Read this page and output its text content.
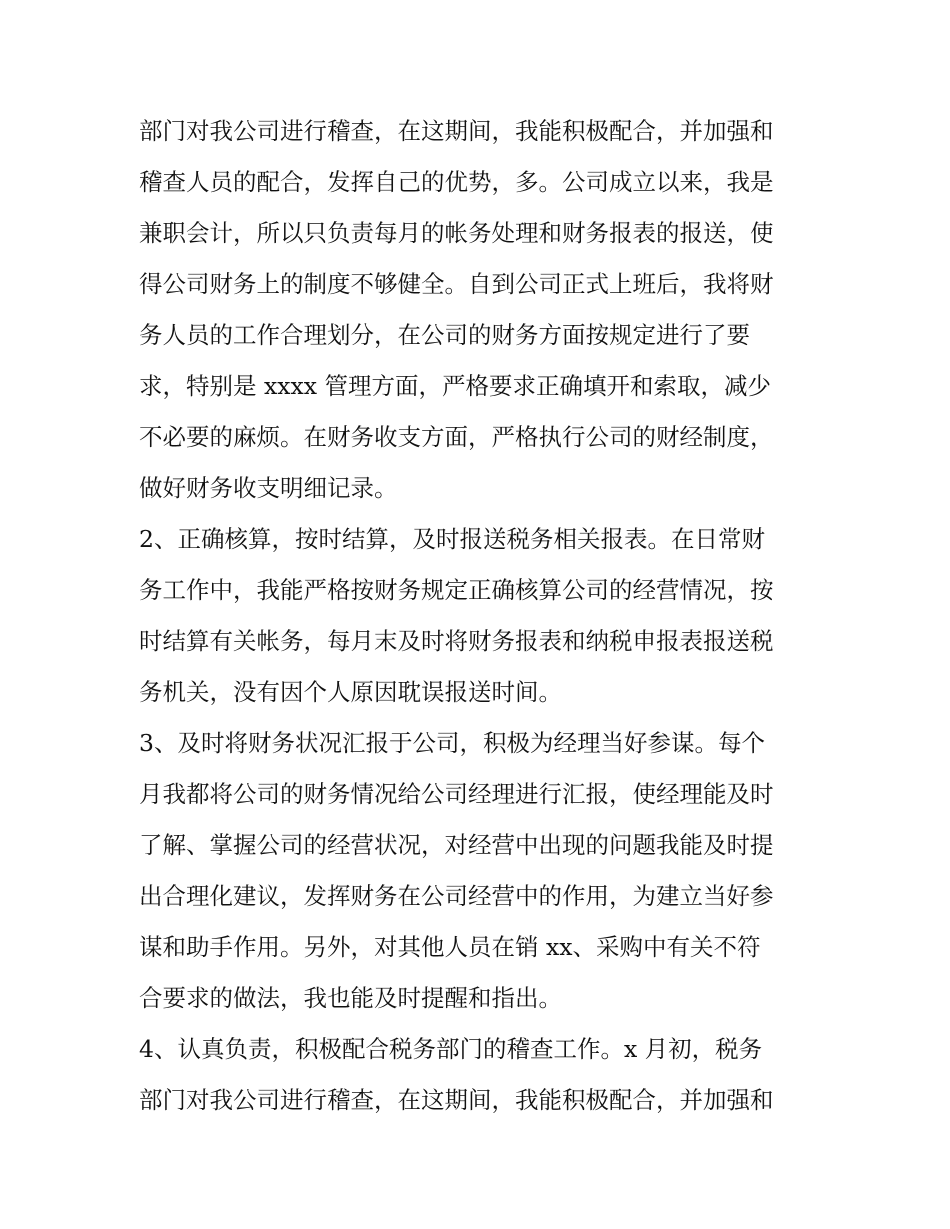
部门对我公司进行稽查，在这期间，我能积极配合，并加强和
稽查人员的配合，发挥自己的优势，多。公司成立以来，我是
兼职会计，所以只负责每月的帐务处理和财务报表的报送，使
得公司财务上的制度不够健全。自到公司正式上班后，我将财
务人员的工作合理划分，在公司的财务方面按规定进行了要
求，特别是 xxxx 管理方面，严格要求正确填开和索取，减少
不必要的麻烦。在财务收支方面，严格执行公司的财经制度，
做好财务收支明细记录。
2、正确核算，按时结算，及时报送税务相关报表。在日常财
务工作中，我能严格按财务规定正确核算公司的经营情况，按
时结算有关帐务，每月末及时将财务报表和纳税申报表报送税
务机关，没有因个人原因耽误报送时间。
3、及时将财务状况汇报于公司，积极为经理当好参谋。每个
月我都将公司的财务情况给公司经理进行汇报，使经理能及时
了解、掌握公司的经营状况，对经营中出现的问题我能及时提
出合理化建议，发挥财务在公司经营中的作用，为建立当好参
谋和助手作用。另外，对其他人员在销 xx、采购中有关不符
合要求的做法，我也能及时提醒和指出。
4、认真负责，积极配合税务部门的稽查工作。x 月初，税务
部门对我公司进行稽查，在这期间，我能积极配合，并加强和
